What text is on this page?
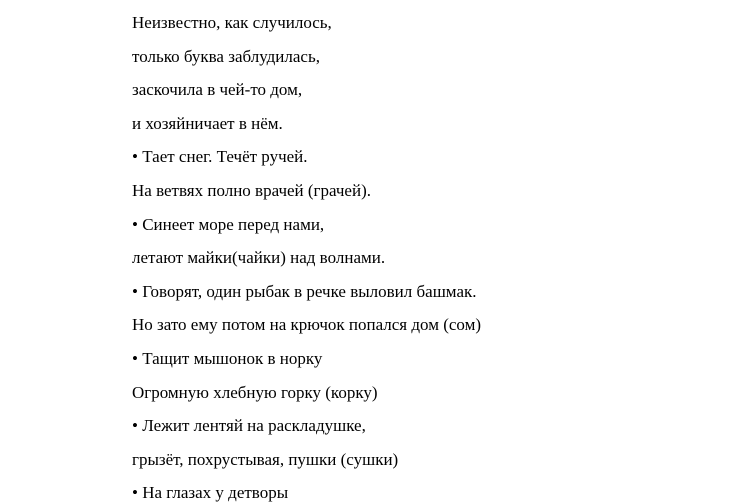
Неизвестно, как случилось,
только буква заблудилась,
заскочила в чей-то дом,
и хозяйничает в нём.
• Тает снег. Течёт ручей.
На ветвях полно врачей (грачей).
• Синеет море перед нами,
летают майки(чайки) над волнами.
• Говорят, один рыбак в речке выловил башмак.
Но зато ему потом на крючок попался дом (сом)
• Тащит мышонок в норку
Огромную хлебную горку (корку)
• Лежит лентяй на раскладушке,
грызёт, похрустывая, пушки (сушки)
• На глазах у детворы
